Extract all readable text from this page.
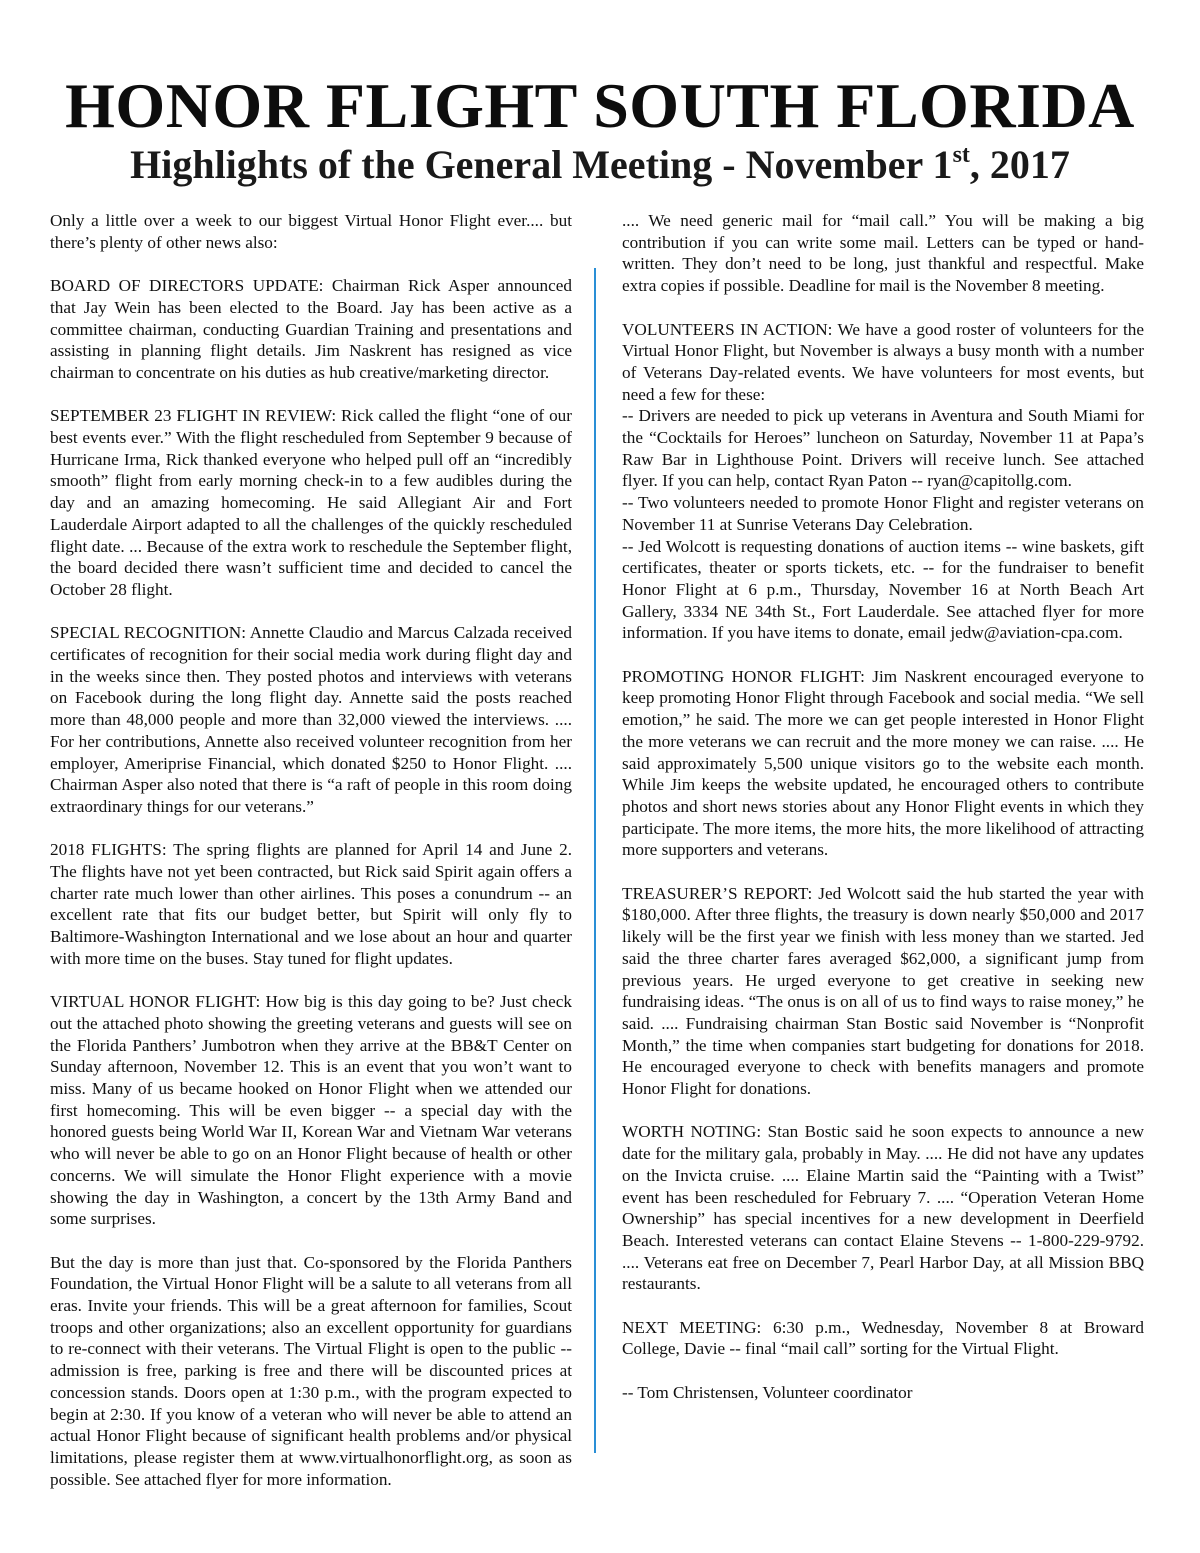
HONOR FLIGHT SOUTH FLORIDA
Highlights of the General Meeting - November 1st, 2017

Only a little over a week to our biggest Virtual Honor Flight ever.... but there’s plenty of other news also:

BOARD OF DIRECTORS UPDATE: Chairman Rick Asper announced that Jay Wein has been elected to the Board. Jay has been active as a committee chairman, conducting Guardian Training and presentations and assisting in planning flight details. Jim Naskrent has resigned as vice chairman to concentrate on his duties as hub creative/marketing director.

SEPTEMBER 23 FLIGHT IN REVIEW: Rick called the flight “one of our best events ever.” With the flight rescheduled from September 9 because of Hurricane Irma, Rick thanked everyone who helped pull off an “incredibly smooth” flight from early morning check-in to a few audibles during the day and an amazing homecoming. He said Allegiant Air and Fort Lauderdale Airport adapted to all the challenges of the quickly rescheduled flight date. ... Because of the extra work to reschedule the September flight, the board decided there wasn’t sufficient time and decided to cancel the October 28 flight.

SPECIAL RECOGNITION: Annette Claudio and Marcus Calzada received certificates of recognition for their social media work during flight day and in the weeks since then. They posted photos and interviews with veterans on Facebook during the long flight day. Annette said the posts reached more than 48,000 people and more than 32,000 viewed the interviews. .... For her contributions, Annette also received volunteer recognition from her employer, Ameriprise Financial, which donated $250 to Honor Flight. .... Chairman Asper also noted that there is “a raft of people in this room doing extraordinary things for our veterans.”

2018 FLIGHTS: The spring flights are planned for April 14 and June 2. The flights have not yet been contracted, but Rick said Spirit again offers a charter rate much lower than other airlines. This poses a conundrum -- an excellent rate that fits our budget better, but Spirit will only fly to Baltimore-Washington International and we lose about an hour and quarter with more time on the buses. Stay tuned for flight updates.

VIRTUAL HONOR FLIGHT: How big is this day going to be? Just check out the attached photo showing the greeting veterans and guests will see on the Florida Panthers’ Jumbotron when they arrive at the BB&T Center on Sunday afternoon, November 12. This is an event that you won’t want to miss. Many of us became hooked on Honor Flight when we attended our first homecoming. This will be even bigger -- a special day with the honored guests being World War II, Korean War and Vietnam War veterans who will never be able to go on an Honor Flight because of health or other concerns. We will simulate the Honor Flight experience with a movie showing the day in Washington, a concert by the 13th Army Band and some surprises.

But the day is more than just that. Co-sponsored by the Florida Panthers Foundation, the Virtual Honor Flight will be a salute to all veterans from all eras. Invite your friends. This will be a great afternoon for families, Scout troops and other organizations; also an excellent opportunity for guardians to re-connect with their veterans. The Virtual Flight is open to the public -- admission is free, parking is free and there will be discounted prices at concession stands. Doors open at 1:30 p.m., with the program expected to begin at 2:30. If you know of a veteran who will never be able to attend an actual Honor Flight because of significant health problems and/or physical limitations, please register them at www.virtualhonorflight.org, as soon as possible. See attached flyer for more information.

.... We need generic mail for “mail call.” You will be making a big contribution if you can write some mail. Letters can be typed or hand-written. They don’t need to be long, just thankful and respectful. Make extra copies if possible. Deadline for mail is the November 8 meeting.

VOLUNTEERS IN ACTION: We have a good roster of volunteers for the Virtual Honor Flight, but November is always a busy month with a number of Veterans Day-related events. We have volunteers for most events, but need a few for these:

-- Drivers are needed to pick up veterans in Aventura and South Miami for the “Cocktails for Heroes” luncheon on Saturday, November 11 at Papa’s Raw Bar in Lighthouse Point. Drivers will receive lunch. See attached flyer. If you can help, contact Ryan Paton -- ryan@capitollg.com.

-- Two volunteers needed to promote Honor Flight and register veterans on November 11 at Sunrise Veterans Day Celebration.

-- Jed Wolcott is requesting donations of auction items -- wine baskets, gift certificates, theater or sports tickets, etc. -- for the fundraiser to benefit Honor Flight at 6 p.m., Thursday, November 16 at North Beach Art Gallery, 3334 NE 34th St., Fort Lauderdale. See attached flyer for more information. If you have items to donate, email jedw@aviation-cpa.com.

PROMOTING HONOR FLIGHT: Jim Naskrent encouraged everyone to keep promoting Honor Flight through Facebook and social media. “We sell emotion,” he said. The more we can get people interested in Honor Flight the more veterans we can recruit and the more money we can raise. .... He said approximately 5,500 unique visitors go to the website each month. While Jim keeps the website updated, he encouraged others to contribute photos and short news stories about any Honor Flight events in which they participate. The more items, the more hits, the more likelihood of attracting more supporters and veterans.

TREASURER’S REPORT: Jed Wolcott said the hub started the year with $180,000. After three flights, the treasury is down nearly $50,000 and 2017 likely will be the first year we finish with less money than we started. Jed said the three charter fares averaged $62,000, a significant jump from previous years. He urged everyone to get creative in seeking new fundraising ideas. “The onus is on all of us to find ways to raise money,” he said. .... Fundraising chairman Stan Bostic said November is “Nonprofit Month,” the time when companies start budgeting for donations for 2018. He encouraged everyone to check with benefits managers and promote Honor Flight for donations.

WORTH NOTING: Stan Bostic said he soon expects to announce a new date for the military gala, probably in May. .... He did not have any updates on the Invicta cruise. .... Elaine Martin said the “Painting with a Twist” event has been rescheduled for February 7. .... “Operation Veteran Home Ownership” has special incentives for a new development in Deerfield Beach. Interested veterans can contact Elaine Stevens -- 1-800-229-9792. .... Veterans eat free on December 7, Pearl Harbor Day, at all Mission BBQ restaurants.

NEXT MEETING: 6:30 p.m., Wednesday, November 8 at Broward College, Davie -- final “mail call” sorting for the Virtual Flight.

-- Tom Christensen, Volunteer coordinator
